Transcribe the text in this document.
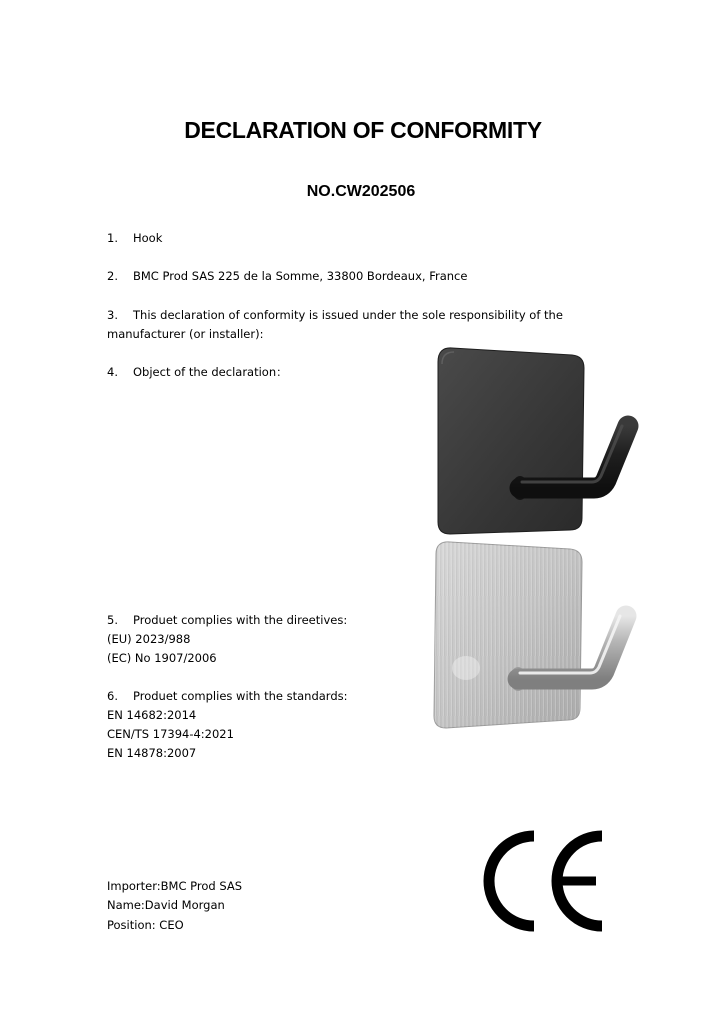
DECLARATION OF CONFORMITY
NO.CW202506
1. Hook
2. BMC Prod SAS 225 de la Somme, 33800 Bordeaux, France
3. This declaration of conformity is issued under the sole responsibility of the
manufacturer (or installer):
4. Object of the declaration：
5. Produet complies with the direetives:
(EU) 2023/988
(EC) No 1907/2006
6. Produet complies with the standards:
EN 14682:2014
CEN/TS 17394-4:2021
EN 14878:2007
Importer:BMC Prod SAS
Name:David Morgan
Position: CEO
